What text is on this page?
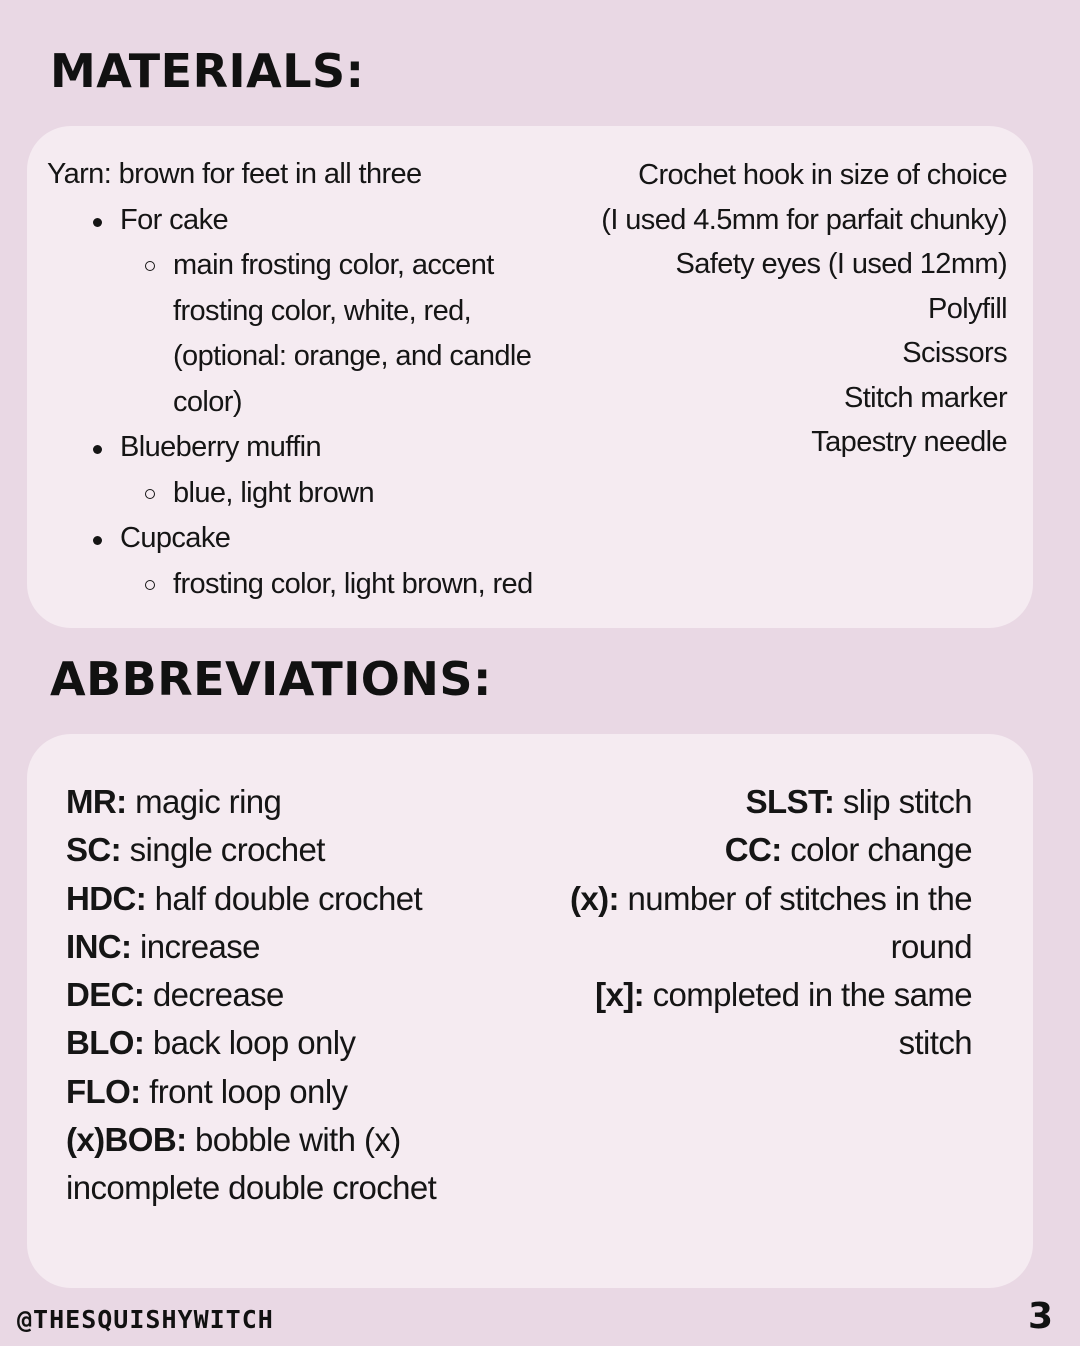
MATERIALS:
Yarn: brown for feet in all three
For cake
main frosting color, accent
frosting color, white, red,
(optional: orange, and candle
color)
Blueberry muffin
blue, light brown
Cupcake
frosting color, light brown, red
Crochet hook in size of choice
(I used 4.5mm for parfait chunky)
Safety eyes (I used 12mm)
Polyfill
Scissors
Stitch marker
Tapestry needle
ABBREVIATIONS:
MR: magic ring
SC: single crochet
HDC: half double crochet
INC: increase
DEC: decrease
BLO: back loop only
FLO: front loop only
(x)BOB: bobble with (x)
incomplete double crochet
SLST: slip stitch
CC: color change
(x): number of stitches in the
round
[x]: completed in the same
stitch
@THESQUISHYWITCH	3
